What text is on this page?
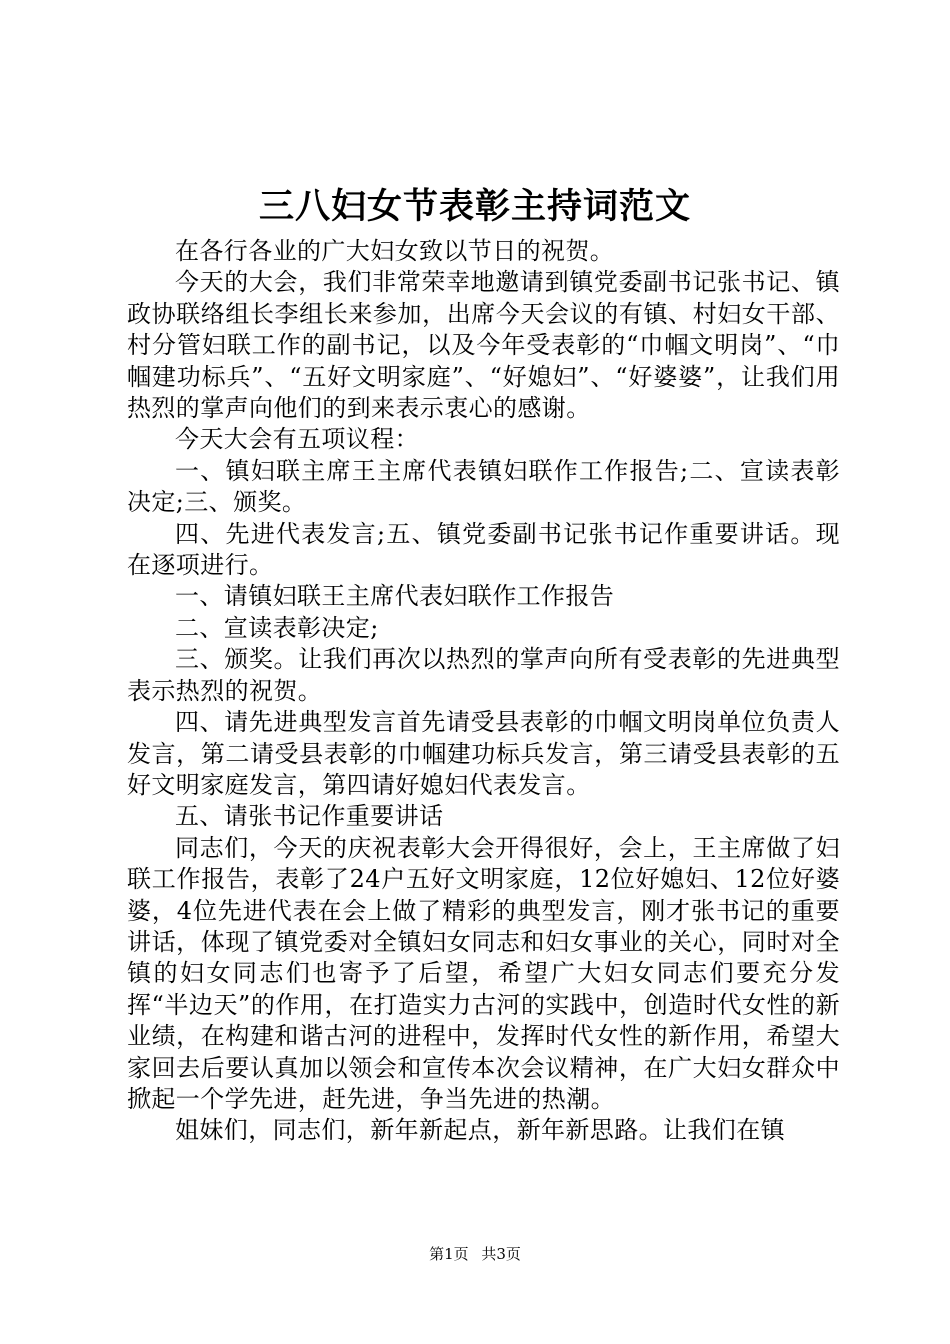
三八妇女节表彰主持词范文

在各行各业的广大妇女致以节日的祝贺。

今天的大会，我们非常荣幸地邀请到镇党委副书记张书记、镇政协联络组长李组长来参加，出席今天会议的有镇、村妇女干部、村分管妇联工作的副书记，以及今年受表彰的“巾帼文明岗”、“巾帼建功标兵”、“五好文明家庭”、“好媳妇”、“好婆婆”，让我们用热烈的掌声向他们的到来表示衷心的感谢。

今天大会有五项议程：

一、镇妇联主席王主席代表镇妇联作工作报告;二、宣读表彰决定;三、颁奖。

四、先进代表发言;五、镇党委副书记张书记作重要讲话。现在逐项进行。

一、请镇妇联王主席代表妇联作工作报告

二、宣读表彰决定;

三、颁奖。让我们再次以热烈的掌声向所有受表彰的先进典型表示热烈的祝贺。

四、请先进典型发言首先请受县表彰的巾帼文明岗单位负责人发言，第二请受县表彰的巾帼建功标兵发言，第三请受县表彰的五好文明家庭发言，第四请好媳妇代表发言。

五、请张书记作重要讲话

同志们，今天的庆祝表彰大会开得很好，会上，王主席做了妇联工作报告，表彰了24户五好文明家庭，12位好媳妇、12位好婆婆，4位先进代表在会上做了精彩的典型发言，刚才张书记的重要讲话，体现了镇党委对全镇妇女同志和妇女事业的关心，同时对全镇的妇女同志们也寄予了后望，希望广大妇女同志们要充分发挥“半边天”的作用，在打造实力古河的实践中，创造时代女性的新业绩，在构建和谐古河的进程中，发挥时代女性的新作用，希望大家回去后要认真加以领会和宣传本次会议精神，在广大妇女群众中掀起一个学先进，赶先进，争当先进的热潮。

姐妹们，同志们，新年新起点，新年新思路。让我们在镇

第1页 共3页
